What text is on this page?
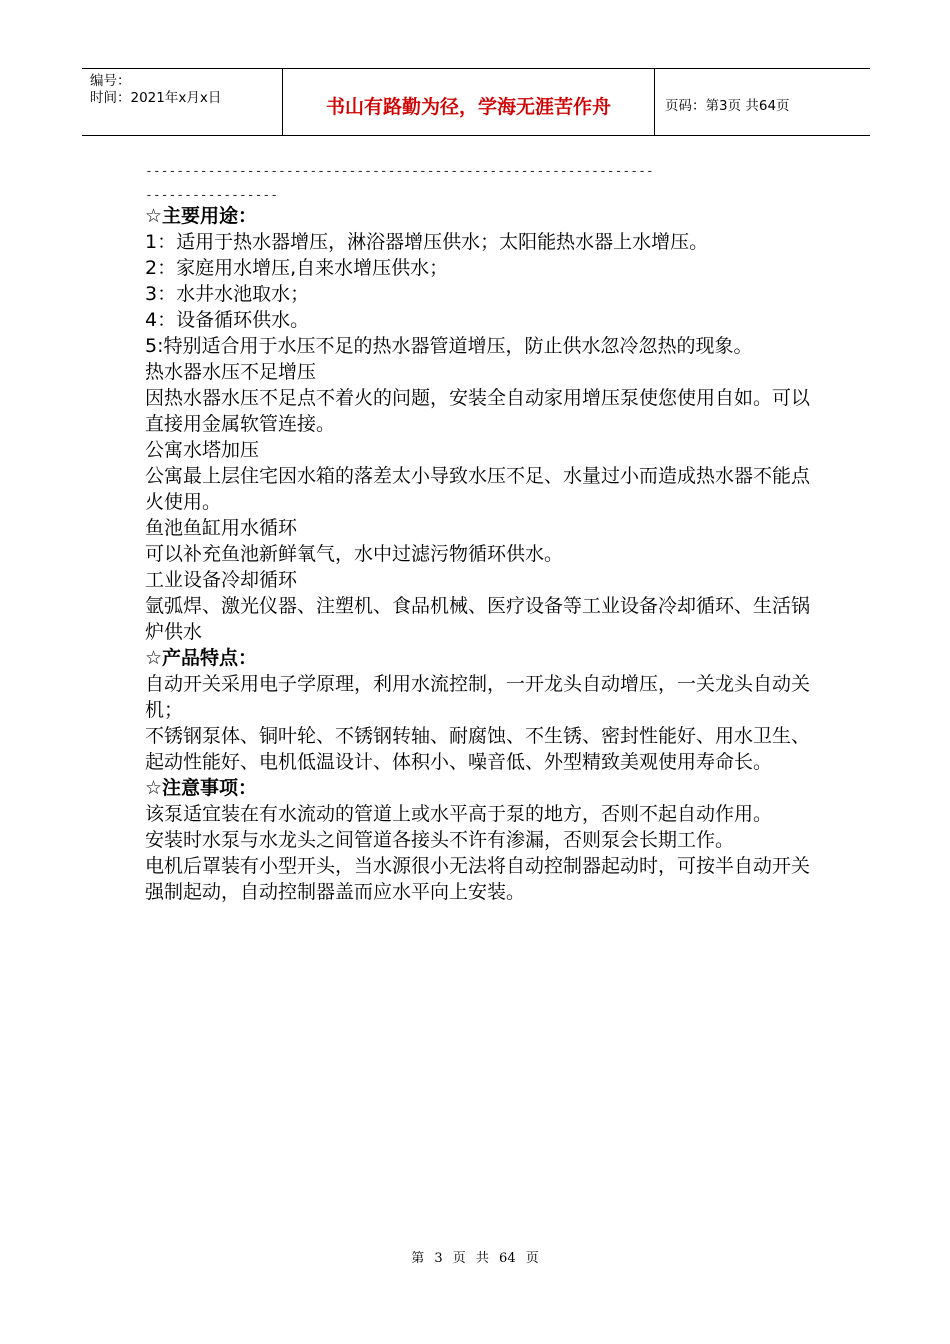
编号：
时间：2021年x月x日	书山有路勤为径，学海无涯苦作舟	页码：第3页 共64页
-----------------------------------------------------------------
-----------------

☆主要用途：

1：适用于热水器增压，淋浴器增压供水；太阳能热水器上水增压。

2：家庭用水增压,自来水增压供水；

3：水井水池取水；

4：设备循环供水。

5:特别适合用于水压不足的热水器管道增压，防止供水忽冷忽热的现象。

热水器水压不足增压

因热水器水压不足点不着火的问题，安装全自动家用增压泵使您使用自如。可以直接用金属软管连接。

公寓水塔加压

公寓最上层住宅因水箱的落差太小导致水压不足、水量过小而造成热水器不能点火使用。

鱼池鱼缸用水循环

可以补充鱼池新鲜氧气，水中过滤污物循环供水。

工业设备冷却循环

氩弧焊、激光仪器、注塑机、食品机械、医疗设备等工业设备冷却循环、生活锅炉供水

☆产品特点：

自动开关采用电子学原理，利用水流控制，一开龙头自动增压，一关龙头自动关机；

不锈钢泵体、铜叶轮、不锈钢转轴、耐腐蚀、不生锈、密封性能好、用水卫生、起动性能好、电机低温设计、体积小、噪音低、外型精致美观使用寿命长。

☆注意事项：

该泵适宜装在有水流动的管道上或水平高于泵的地方，否则不起自动作用。

安装时水泵与水龙头之间管道各接头不许有渗漏，否则泵会长期工作。

电机后罩装有小型开头，当水源很小无法将自动控制器起动时，可按半自动开关强制起动，自动控制器盖而应水平向上安装。

第 3 页 共 64 页
